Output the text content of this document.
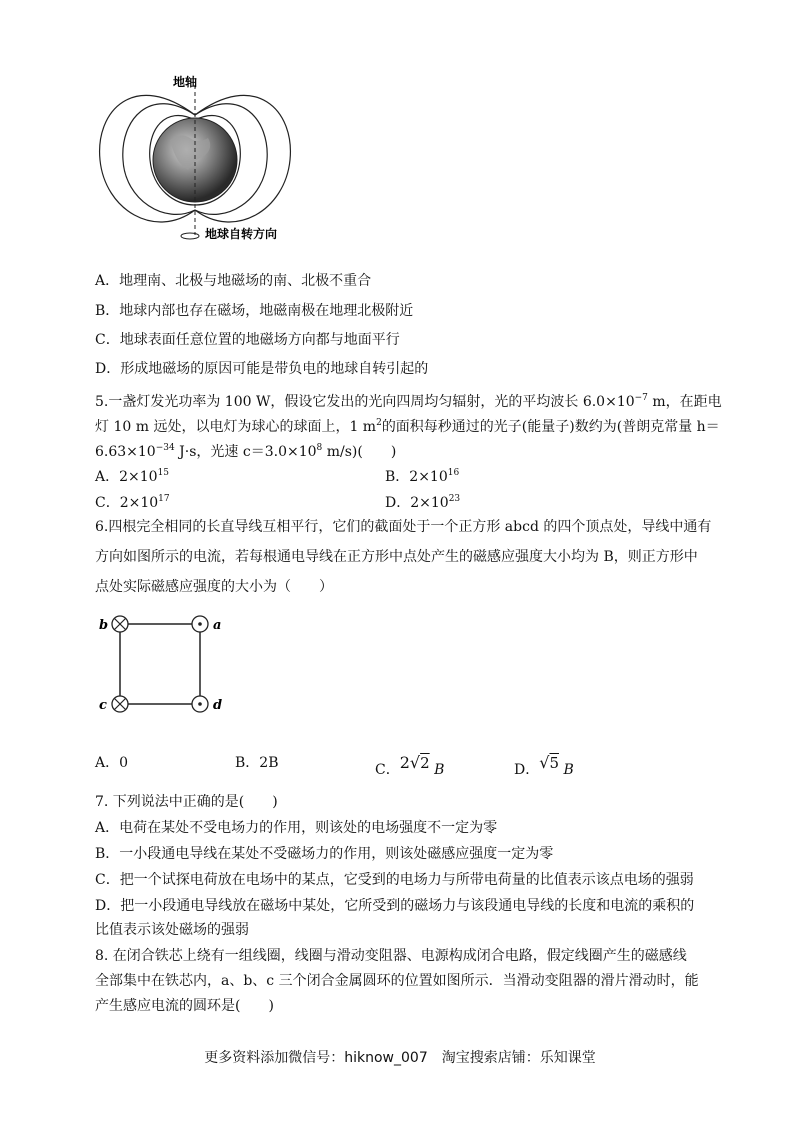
地轴
地球自转方向
A．地理南、北极与地磁场的南、北极不重合
B．地球内部也存在磁场，地磁南极在地理北极附近
C．地球表面任意位置的地磁场方向都与地面平行
D．形成地磁场的原因可能是带负电的地球自转引起的
5.一盏灯发光功率为 100 W，假设它发出的光向四周均匀辐射，光的平均波长 $6.0\times 10^{-7}$ m，在距电
灯 10 m 远处，以电灯为球心的球面上，1 $m^2$的面积每秒通过的光子(能量子)数约为(普朗克常量 h＝
$6.63\times 10^{-34}$ J·s，光速 $c=3.0\times 10^8$ m/s)(　　)
A．$2\times 10^{15}$	B．$2\times 10^{16}$
C．$2\times 10^{17}$	D．$2\times 10^{23}$
6.四根完全相同的长直导线互相平行，它们的截面处于一个正方形 abcd 的四个顶点处，导线中通有
方向如图所示的电流，若每根通电导线在正方形中点处产生的磁感应强度大小均为 B，则正方形中
点处实际磁感应强度的大小为（　　）
b	a
c	d
A．0	B．2B	C．2√2 B	D．√5 B
7. 下列说法中正确的是(　　)
A．电荷在某处不受电场力的作用，则该处的电场强度不一定为零
B．一小段通电导线在某处不受磁场力的作用，则该处磁感应强度一定为零
C．把一个试探电荷放在电场中的某点，它受到的电场力与所带电荷量的比值表示该点电场的强弱
D．把一小段通电导线放在磁场中某处，它所受到的磁场力与该段通电导线的长度和电流的乘积的
比值表示该处磁场的强弱
8. 在闭合铁芯上绕有一组线圈，线圈与滑动变阻器、电源构成闭合电路，假定线圈产生的磁感线
全部集中在铁芯内，a、b、c 三个闭合金属圆环的位置如图所示．当滑动变阻器的滑片滑动时，能
产生感应电流的圆环是(　　)
更多资料添加微信号：hiknow_007　淘宝搜索店铺：乐知课堂
